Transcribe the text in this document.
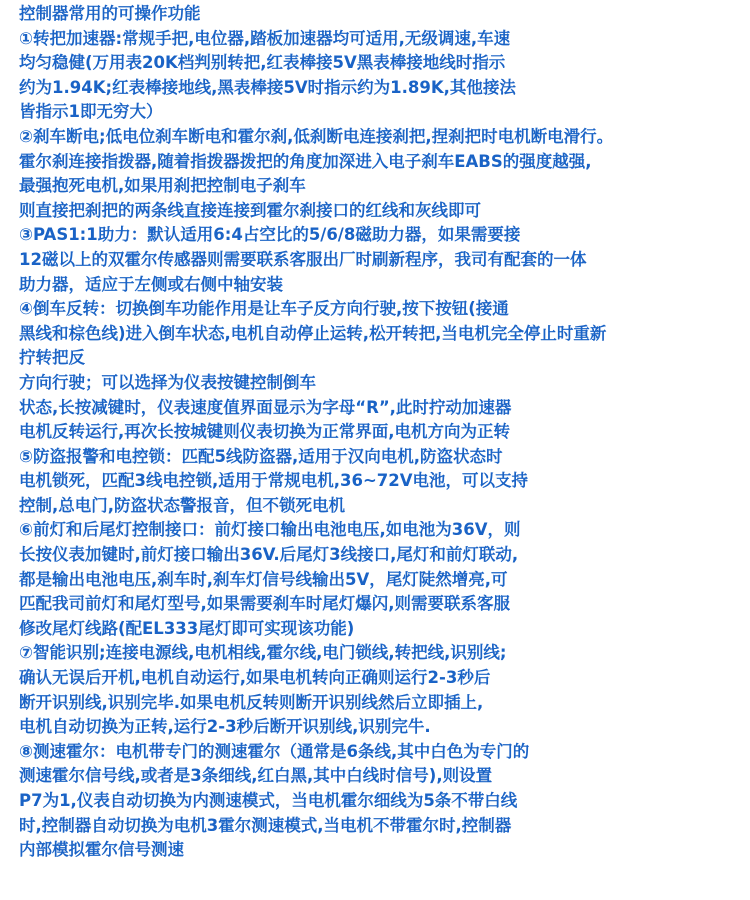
控制器常用的可操作功能
①转把加速器:常规手把,电位器,踏板加速器均可适用,无级调速,车速
均匀稳健(万用表20K档判别转把,红表棒接5V黑表棒接地线时指示
约为1.94K;红表棒接地线,黑表棒接5V时指示约为1.89K,其他接法
皆指示1即无穷大）
②刹车断电;低电位刹车断电和霍尔刹,低刹断电连接刹把,捏刹把时电机断电滑行。
霍尔刹连接指拨器,随着指拨器拨把的角度加深进入电子刹车EABS的强度越强,
最强抱死电机,如果用刹把控制电子刹车
则直接把刹把的两条线直接连接到霍尔刹接口的红线和灰线即可
③PAS1:1助力：默认适用6:4占空比的5/6/8磁助力器，如果需要接
12磁以上的双霍尔传感器则需要联系客服出厂时刷新程序，我司有配套的一体
助力器，适应于左侧或右侧中轴安装
④倒车反转：切换倒车功能作用是让车子反方向行驶,按下按钮(接通
黑线和棕色线)进入倒车状态,电机自动停止运转,松开转把,当电机完全停止时重新
拧转把反
方向行驶；可以选择为仪表按键控制倒车
状态,长按减键时，仪表速度值界面显示为字母“R”,此时拧动加速器
电机反转运行,再次长按城键则仪表切换为正常界面,电机方向为正转
⑤防盗报警和电控锁：匹配5线防盗器,适用于汉向电机,防盗状态时
电机锁死，匹配3线电控锁,适用于常规电机,36~72V电池，可以支持
控制,总电门,防盗状态警报音，但不锁死电机
⑥前灯和后尾灯控制接口：前灯接口输出电池电压,如电池为36V，则
长按仪表加键时,前灯接口输出36V.后尾灯3线接口,尾灯和前灯联动,
都是输出电池电压,刹车时,刹车灯信号线输出5V，尾灯陡然增亮,可
匹配我司前灯和尾灯型号,如果需要刹车时尾灯爆闪,则需要联系客服
修改尾灯线路(配EL333尾灯即可实现该功能)
⑦智能识别;连接电源线,电机相线,霍尔线,电门锁线,转把线,识别线;
确认无误后开机,电机自动运行,如果电机转向正确则运行2-3秒后
断开识别线,识别完毕.如果电机反转则断开识别线然后立即插上,
电机自动切换为正转,运行2-3秒后断开识别线,识别完牛.
⑧测速霍尔：电机带专门的测速霍尔（通常是6条线,其中白色为专门的
测速霍尔信号线,或者是3条细线,红白黑,其中白线时信号),则设置
P7为1,仪表自动切换为内测速模式，当电机霍尔细线为5条不带白线
时,控制器自动切换为电机3霍尔测速模式,当电机不带霍尔时,控制器
内部模拟霍尔信号测速
